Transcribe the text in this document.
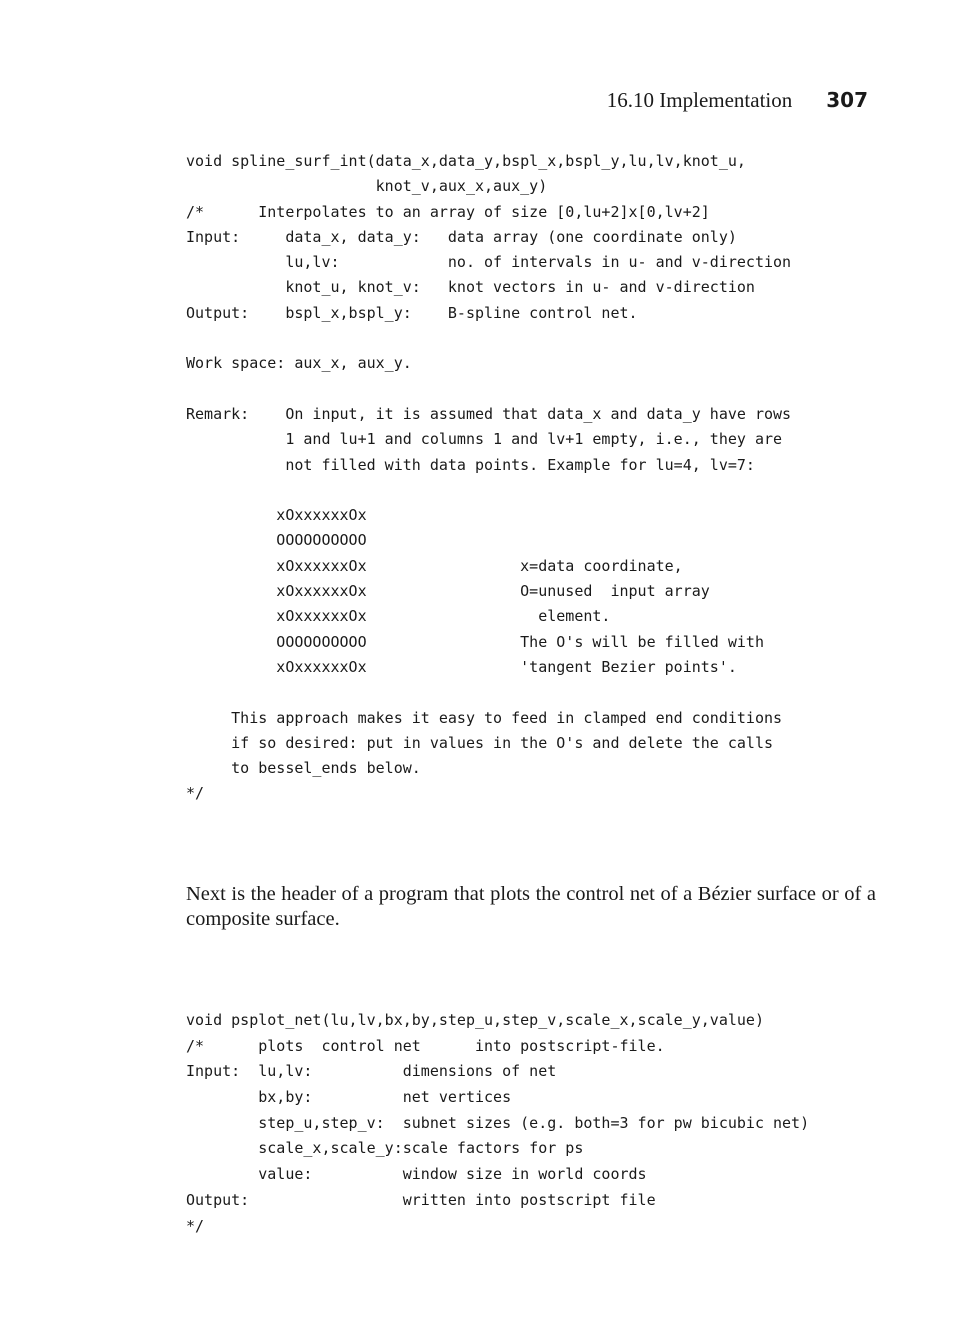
16.10 Implementation 307
void spline_surf_int(data_x,data_y,bspl_x,bspl_y,lu,lv,knot_u,
knot_v,aux_x,aux_y)
/*      Interpolates to an array of size [0,lu+2]x[0,lv+2]
Input:     data_x, data_y:   data array (one coordinate only)
lu,lv:            no. of intervals in u- and v-direction
knot_u, knot_v:   knot vectors in u- and v-direction
Output:    bspl_x,bspl_y:    B-spline control net.
Work space: aux_x, aux_y.
Remark:    On input, it is assumed that data_x and data_y have rows
1 and lu+1 and columns 1 and lv+1 empty, i.e., they are
not filled with data points. Example for lu=4, lv=7:
xOxxxxxxOx
OOOOOOOOOO
xOxxxxxxOx                 x=data coordinate,
xOxxxxxxOx                 O=unused  input array
xOxxxxxxOx                   element.
OOOOOOOOOO                 The O's will be filled with
xOxxxxxxOx                 'tangent Bezier points'.
This approach makes it easy to feed in clamped end conditions
if so desired: put in values in the O's and delete the calls
to bessel_ends below.
*/

Next is the header of a program that plots the control net of a Bézier surface or of a composite surface.

void psplot_net(lu,lv,bx,by,step_u,step_v,scale_x,scale_y,value)
/*      plots  control net      into postscript-file.
Input:  lu,lv:          dimensions of net
bx,by:          net vertices
step_u,step_v:  subnet sizes (e.g. both=3 for pw bicubic net)
scale_x,scale_y:scale factors for ps
value:          window size in world coords
Output:                 written into postscript file
*/
